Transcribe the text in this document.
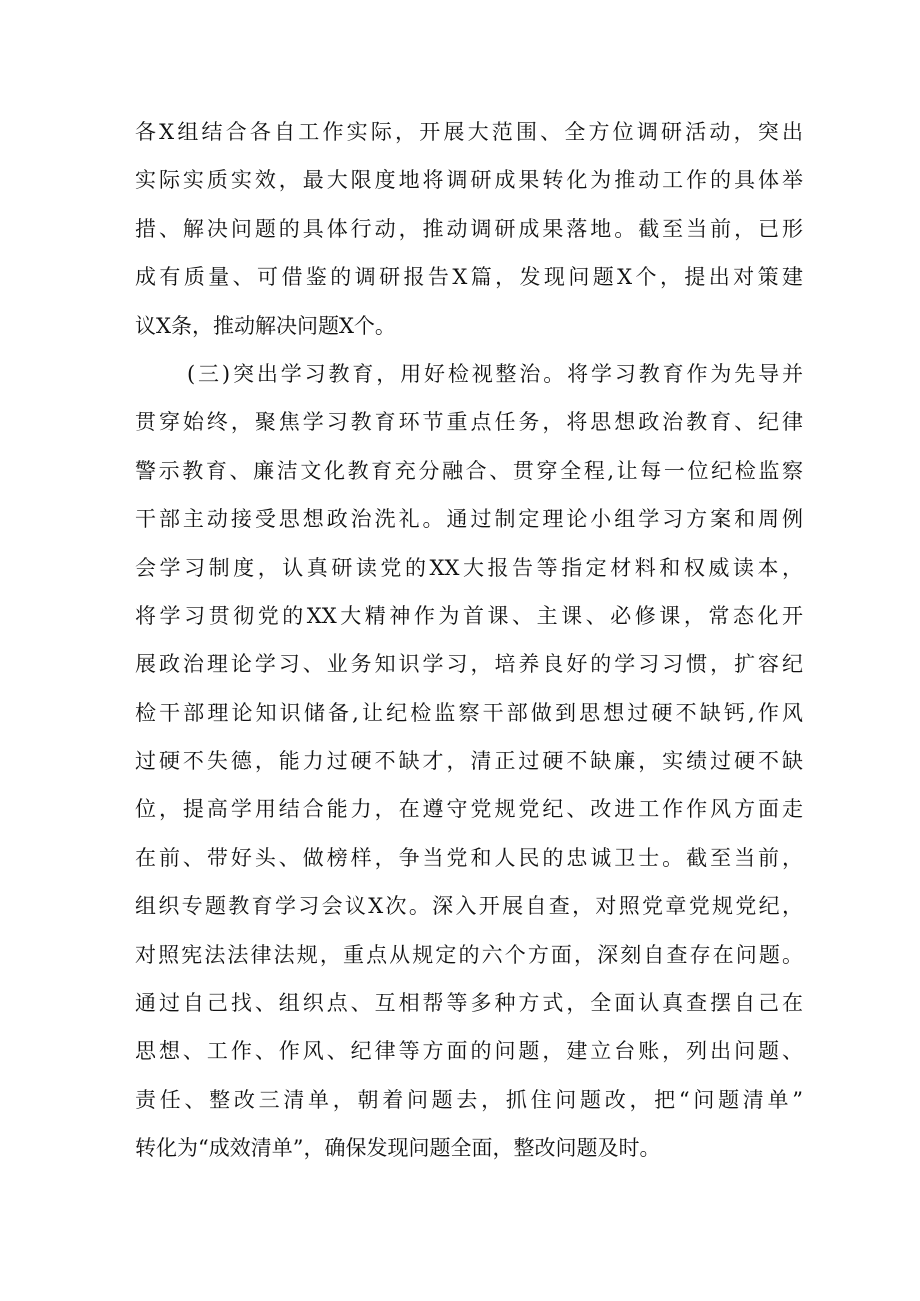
各X组结合各自工作实际，开展大范围、全方位调研活动，突出
实际实质实效，最大限度地将调研成果转化为推动工作的具体举
措、解决问题的具体行动，推动调研成果落地。截至当前，已形
成有质量、可借鉴的调研报告X篇，发现问题X个，提出对策建
议X条，推动解决问题X个。
(三)突出学习教育，用好检视整治。将学习教育作为先导并
贯穿始终，聚焦学习教育环节重点任务，将思想政治教育、纪律
警示教育、廉洁文化教育充分融合、贯穿全程,让每一位纪检监察
干部主动接受思想政治洗礼。通过制定理论小组学习方案和周例
会学习制度，认真研读党的XX大报告等指定材料和权威读本，
将学习贯彻党的XX大精神作为首课、主课、必修课，常态化开
展政治理论学习、业务知识学习，培养良好的学习习惯，扩容纪
检干部理论知识储备,让纪检监察干部做到思想过硬不缺钙,作风
过硬不失德，能力过硬不缺才，清正过硬不缺廉，实绩过硬不缺
位，提高学用结合能力，在遵守党规党纪、改进工作作风方面走
在前、带好头、做榜样，争当党和人民的忠诚卫士。截至当前，
组织专题教育学习会议X次。深入开展自查，对照党章党规党纪，
对照宪法法律法规，重点从规定的六个方面，深刻自查存在问题。
通过自己找、组织点、互相帮等多种方式，全面认真查摆自己在
思想、工作、作风、纪律等方面的问题，建立台账，列出问题、
责任、整改三清单，朝着问题去，抓住问题改，把“问题清单”
转化为“成效清单”，确保发现问题全面，整改问题及时。
